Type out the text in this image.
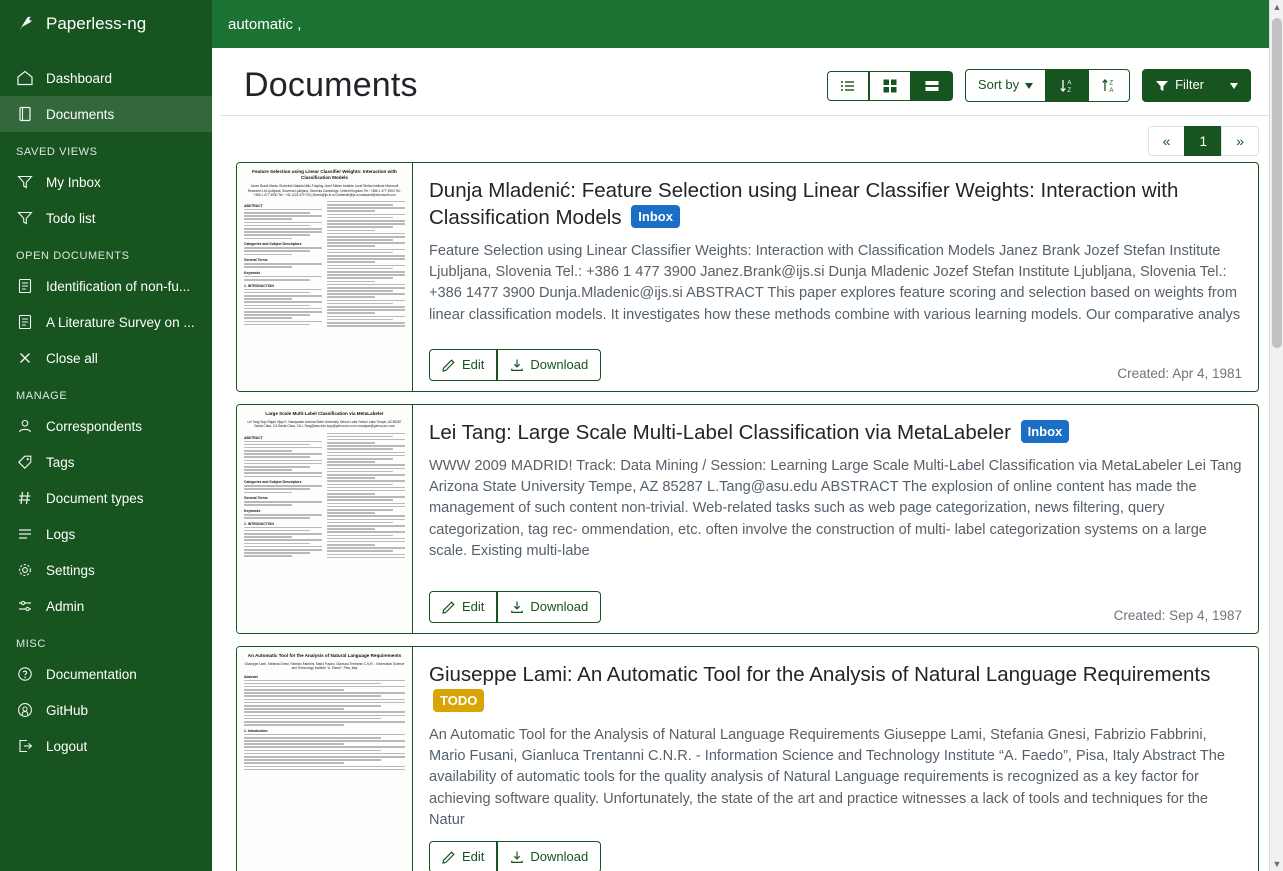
Paperless-ng
Dashboard
Documents
SAVED VIEWS
My Inbox
Todo list
OPEN DOCUMENTS
Identification of non-fu...
A Literature Survey on ...
Close all
MANAGE
Correspondents
Tags
Document types
Logs
Settings
Admin
MISC
Documentation
GitHub
Logout
automatic ,
Documents	Sort by	A
Z
Z
A	Filter
«	1	»
Feature Selection using Linear Classifier Weights: Interaction with Classification Models
Janez Brank Marko Grobelnik Nataša Milic-Frayling Jozef Stefan Institute Jozef Stefan Institute Microsoft Research Ltd Ljubljana, Slovenia Ljubljana, Slovenia Cambridge, United Kingdom Tel.: +386 1 477 3900 Tel.: +386 1 477 3900 Tel.: +44 1223 479 700 j.Brank@ijs.si m.Grobelnik@ijs.si natasamf@microsoft.com
ABSTRACT
Categories and Subject Descriptors
General Terms
Keywords
1. INTRODUCTION
Dunja Mladenić: Feature Selection using Linear Classifier Weights: Interaction with Classification Models Inbox

Feature Selection using Linear Classifier Weights: Interaction with Classification Models Janez Brank Jozef Stefan Institute Ljubljana, Slovenia Tel.: +386 1 477 3900 Janez.Brank@ijs.si Dunja Mladenic Jozef Stefan Institute Ljubljana, Slovenia Tel.: +386 1477 3900 Dunja.Mladenic@ijs.si ABSTRACT This paper explores feature scoring and selection based on weights from linear classification models. It investigates how these methods combine with various learning models. Our comparative analys

Edit	Download
Created: Apr 4, 1981
Large Scale Multi-Label Classification via MetaLabeler
Lei Tang Suju Rajan Vijay K. Narayanan Arizona State University Yahoo! Labs Yahoo! Labs Tempe, AZ 85287 Santa Clara, CA Santa Clara, CA L.Tang@asu.edu suju@yahoo-inc.com vnarayan@yahoo-inc.com
ABSTRACT
Categories and Subject Descriptors
General Terms
Keywords
1. INTRODUCTION
Lei Tang: Large Scale Multi-Label Classification via MetaLabeler Inbox

WWW 2009 MADRID! Track: Data Mining / Session: Learning Large Scale Multi-Label Classification via MetaLabeler Lei Tang Arizona State University Tempe, AZ 85287 L.Tang@asu.edu ABSTRACT The explosion of online content has made the management of such content non-trivial. Web-related tasks such as web page categorization, news filtering, query categorization, tag rec- ommendation, etc. often involve the construction of multi- label categorization systems on a large scale. Existing multi-labe

Edit	Download
Created: Sep 4, 1987
An Automatic Tool for the Analysis of Natural Language Requirements
Giuseppe Lami, Stefania Gnesi, Fabrizio Fabbrini, Mario Fusani, Gianluca Trentanni C.N.R. - Information Science and Technology Institute “A. Faedo”, Pisa, Italy
Abstract
1. Introduction
Giuseppe Lami: An Automatic Tool for the Analysis of Natural Language Requirements TODO

An Automatic Tool for the Analysis of Natural Language Requirements Giuseppe Lami, Stefania Gnesi, Fabrizio Fabbrini, Mario Fusani, Gianluca Trentanni C.N.R. - Information Science and Technology Institute “A. Faedo”, Pisa, Italy Abstract The availability of automatic tools for the quality analysis of Natural Language requirements is recognized as a key factor for achieving software quality. Unfortunately, the state of the art and practice witnesses a lack of tools and techniques for the Natur

Edit	Download
▲
▼
